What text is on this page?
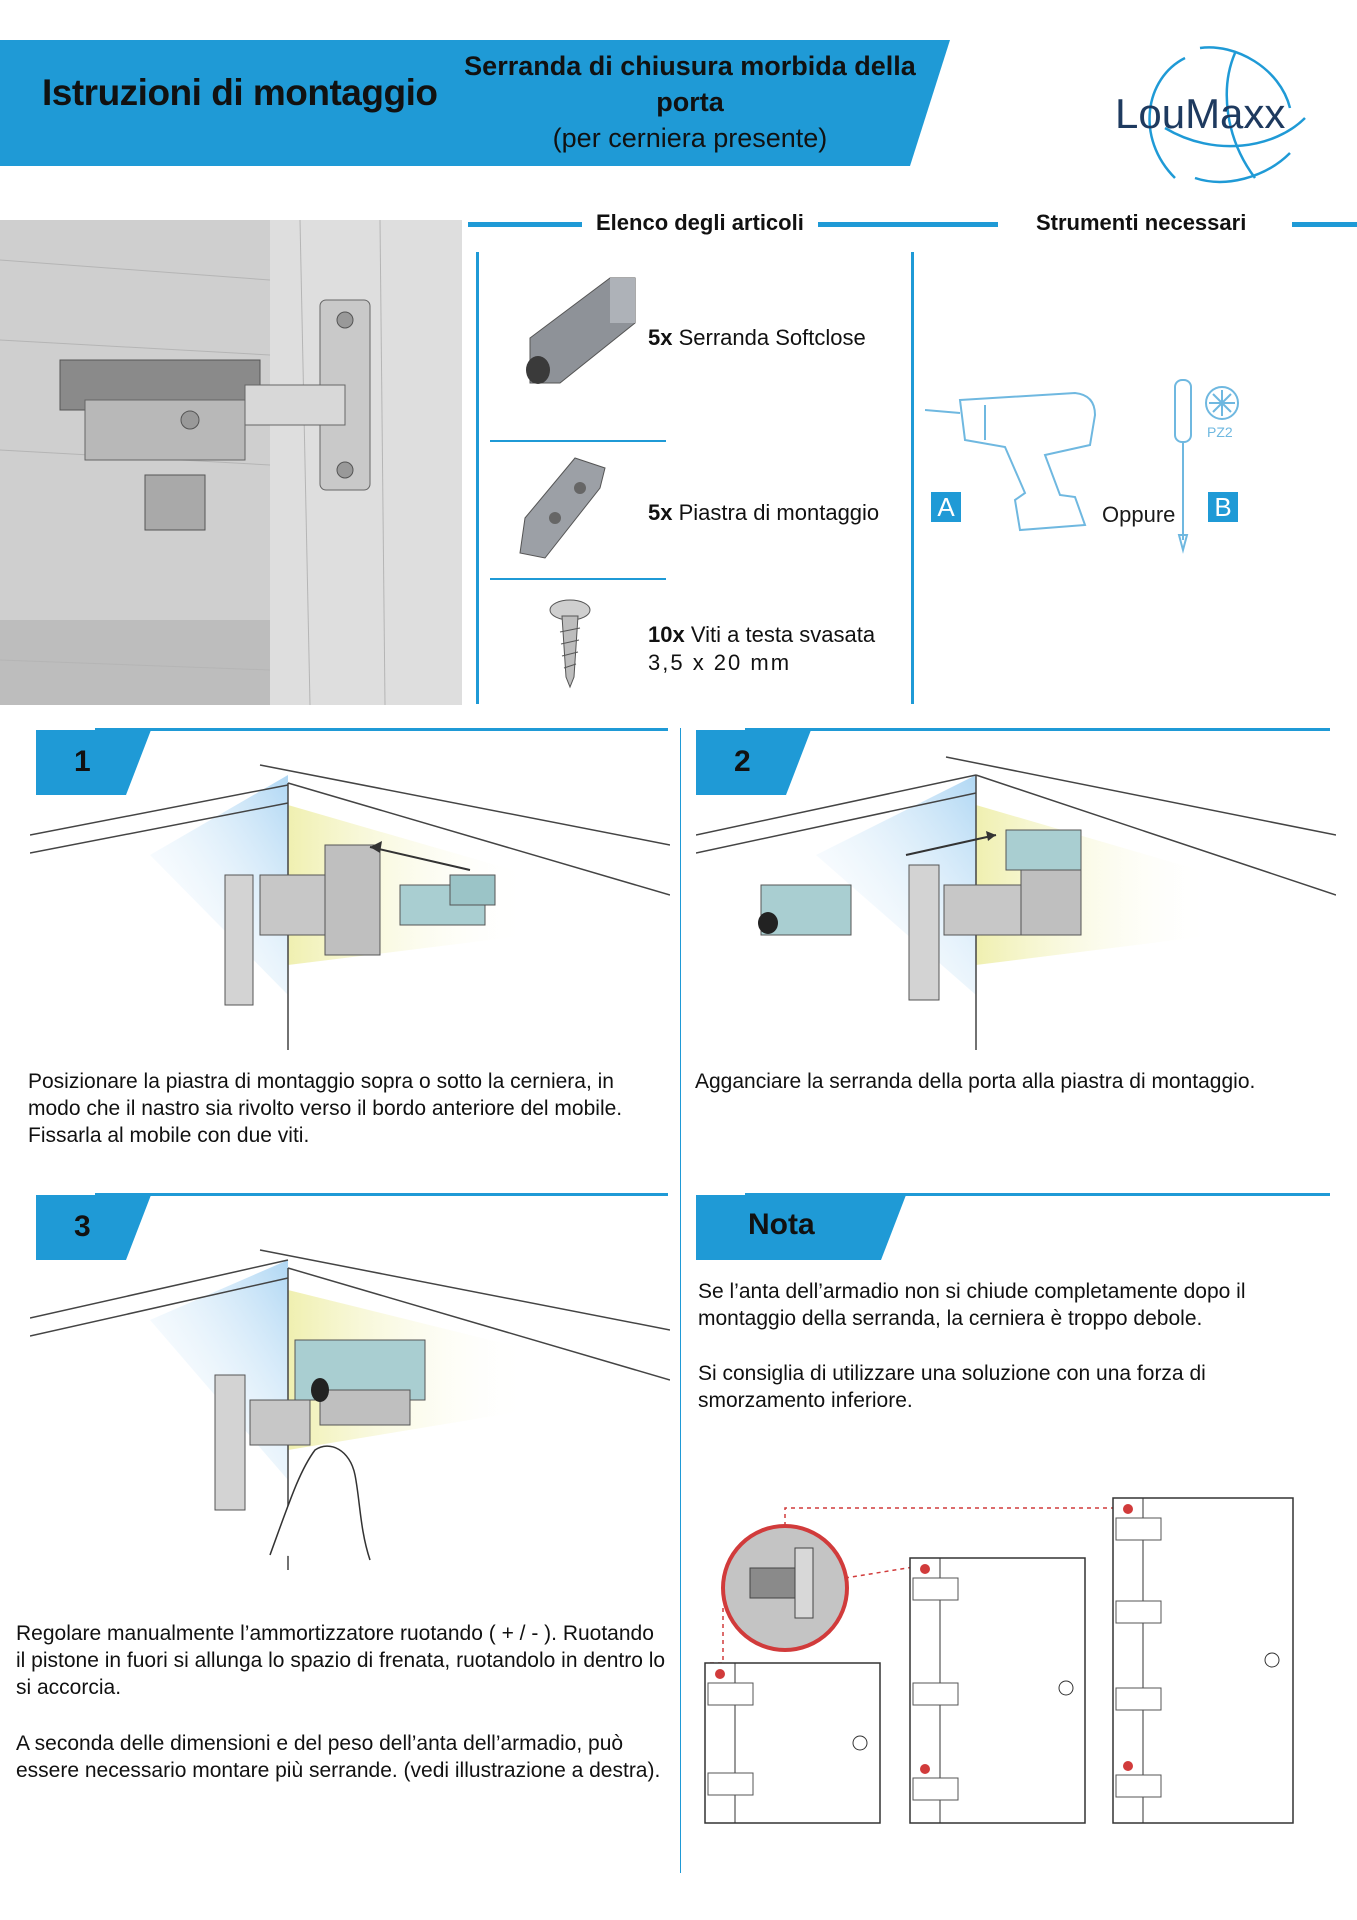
Istruzioni di montaggio
Serranda di chiusura morbida della porta
(per cerniera presente)
LouMaxx
Elenco degli articoli	Strumenti necessari
5x Serranda Softclose
5x Piastra di montaggio
10x Viti a testa svasata
3,5 x 20 mm
A	Oppure
PZ2
B
1
Posizionare la piastra di montaggio sopra o sotto la cerniera, in modo che il nastro sia rivolto verso il bordo anteriore del mobile. Fissarla al mobile con due viti.
2
Agganciare la serranda della porta alla piastra di montaggio.
3
Regolare manualmente l’ammortizzatore ruotando ( + / - ). Ruotando il pistone in fuori si allunga lo spazio di frenata, ruotandolo in dentro lo si accorcia.
A seconda delle dimensioni e del peso dell’anta dell’armadio, può essere necessario montare più serrande. (vedi illustrazione a destra).
Nota
Se l’anta dell’armadio non si chiude completamente dopo il montaggio della serranda, la cerniera è troppo debole.
Si consiglia di utilizzare una soluzione con una forza di smorzamento inferiore.
